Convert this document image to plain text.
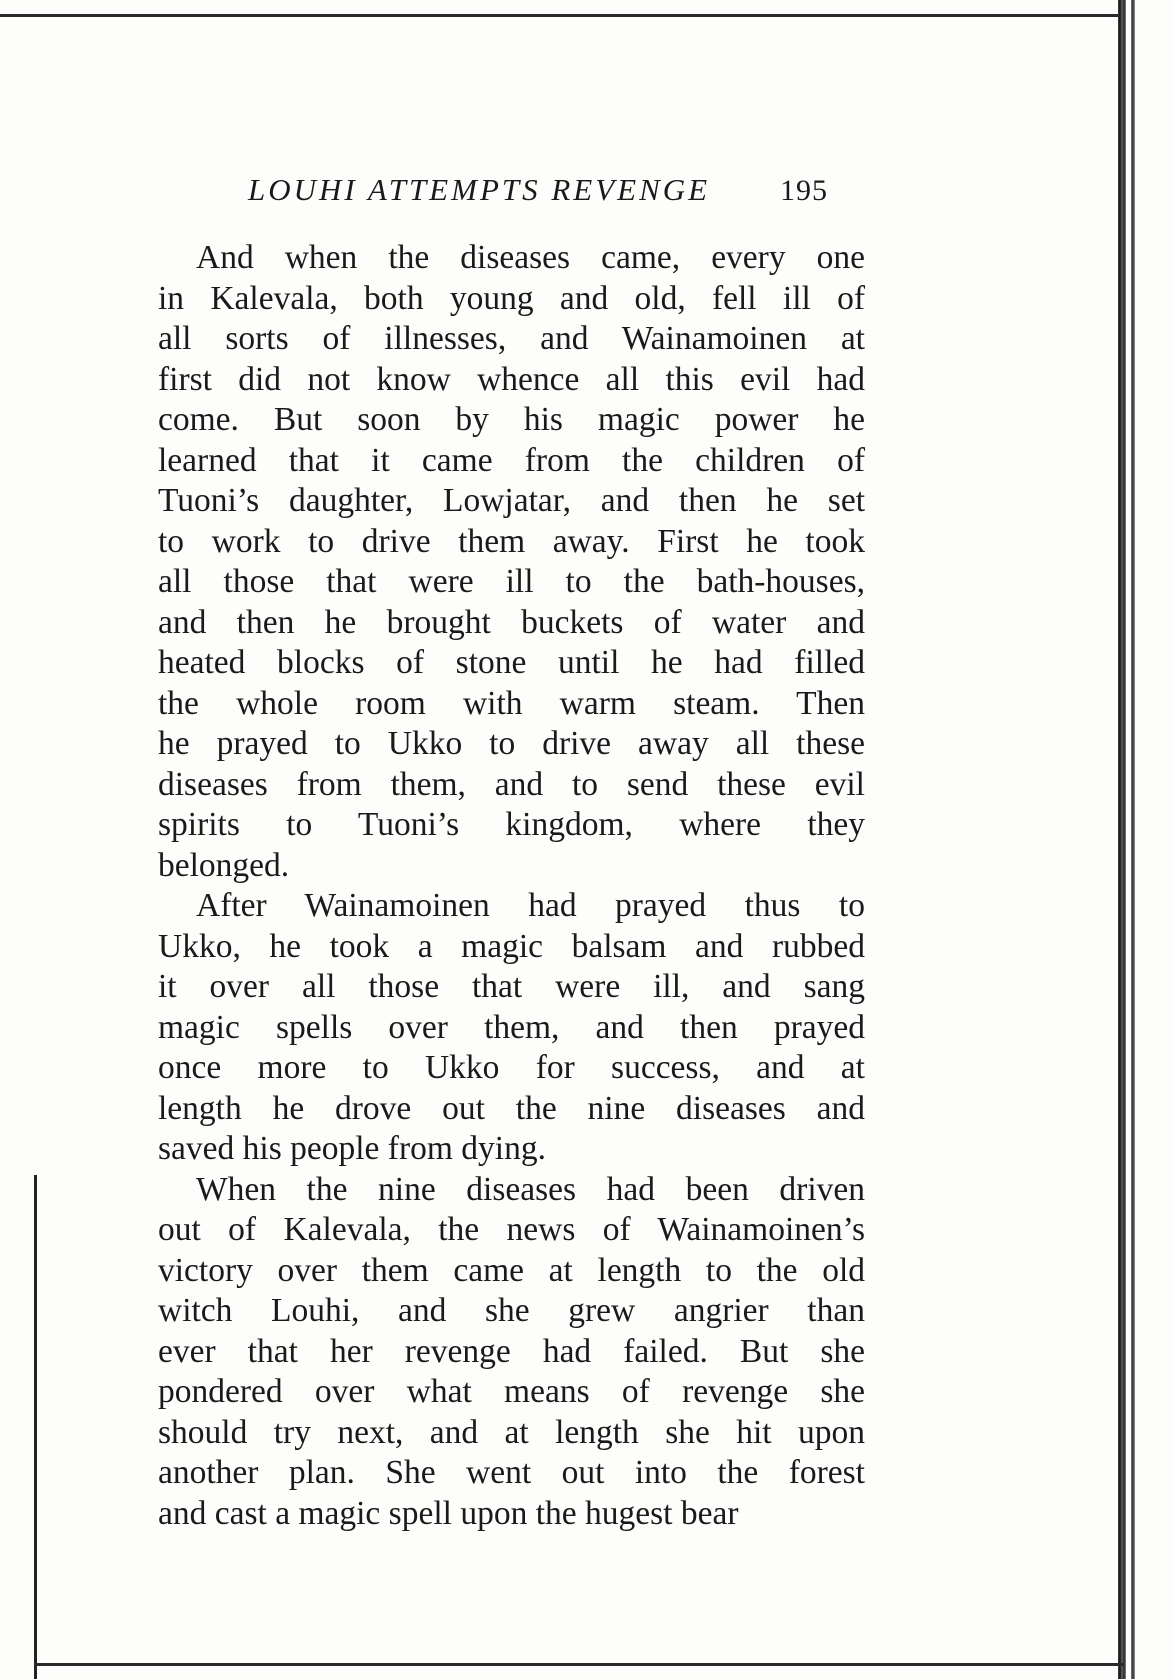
LOUHI ATTEMPTS REVENGE 195
And when the diseases came, every one
in Kalevala, both young and old, fell ill of
all sorts of illnesses, and Wainamoinen at
first did not know whence all this evil had
come. But soon by his magic power he
learned that it came from the children of
Tuoni’s daughter, Lowjatar, and then he set
to work to drive them away. First he took
all those that were ill to the bath-houses,
and then he brought buckets of water and
heated blocks of stone until he had filled
the whole room with warm steam. Then
he prayed to Ukko to drive away all these
diseases from them, and to send these evil
spirits to Tuoni’s kingdom, where they
belonged.
After Wainamoinen had prayed thus to
Ukko, he took a magic balsam and rubbed
it over all those that were ill, and sang
magic spells over them, and then prayed
once more to Ukko for success, and at
length he drove out the nine diseases and
saved his people from dying.
When the nine diseases had been driven
out of Kalevala, the news of Wainamoinen’s
victory over them came at length to the old
witch Louhi, and she grew angrier than
ever that her revenge had failed. But she
pondered over what means of revenge she
should try next, and at length she hit upon
another plan. She went out into the forest
and cast a magic spell upon the hugest bear
